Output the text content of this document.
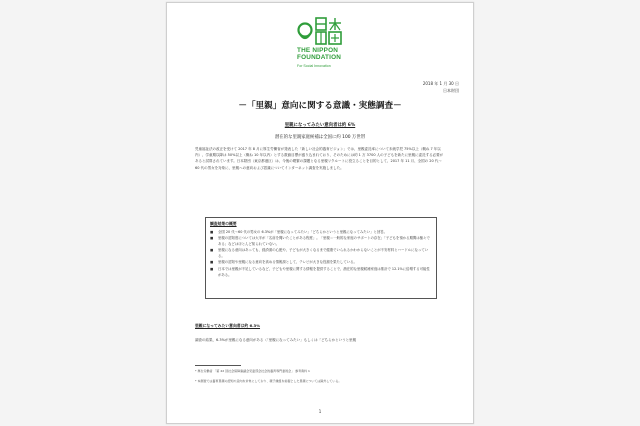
THE NIPPON
FOUNDATION
For Social Innovation
2018 年 1 月 30 日
日本財団
－「里親」意向に関する意識・実態調査－
里親になってみたい意向者は約 6%
潜在的な里親家庭候補は全国に約 100 万世帯
児童福祉法の改正を受けて 2017 年 8 月に厚生労働省が発表した「新しい社会的養育ビジョン」では、里親委託率について未就学児 75%以上（概ね 7 年以内）、学童期以降は 50%以上（概ね 10 年以内）とする数値目標が盛り込まれており、そのためには約 1 万 3700 人の子どもを新たに里親に委託する必要があると試算されています。日本財団（東京都港区）は、今後の喫緊の課題となる里親リクルートに役立ることを目的として、2017 年 11 月、全国の 20 代〜60 代の男女を対象に、里親への意向および認識についてインターネット調査を実施しました。
調査結果の概要
■ 全国 20 代〜60 代の男女の 6.3%が「里親になってみたい」「どちらかというと里親になってみたい」と回答。
■ 里親の認知度については大半が「名前を聞いたことがある程度」。「里親＝一般的な家庭のサポートの存在」「子どもを預かる期間は様々である」などはほとんど知られていない。
■ 里親になる意向はあっても、経済面の心配や、子どもが大きくなるまで健康でいられるかわからないことが不安材料とハードルになっている。
■ 里親の認知や里親になる意向を高める情報源として、テレビが大きな役割を果たしている。
■ 日本では里親が不足しているなど、子どもや里親に関する情報を提供することで、潜在的な里親候補家庭は推計で 12.1%に倍増する可能性がある。
里親になってみたい意向者は約 6.3%
調査の結果、6.3%が里親になる意向がある（「里親になってみたい」もしくは「どちらかというと里親
* 厚生労働省 「第 22 回社会保障審議会児童部会社会的養育専門委員会」 参考資料 1
* 本調査では養育里親の認知や意向を対象にしており、親子縁組を前提とした里親については除外している。
1
